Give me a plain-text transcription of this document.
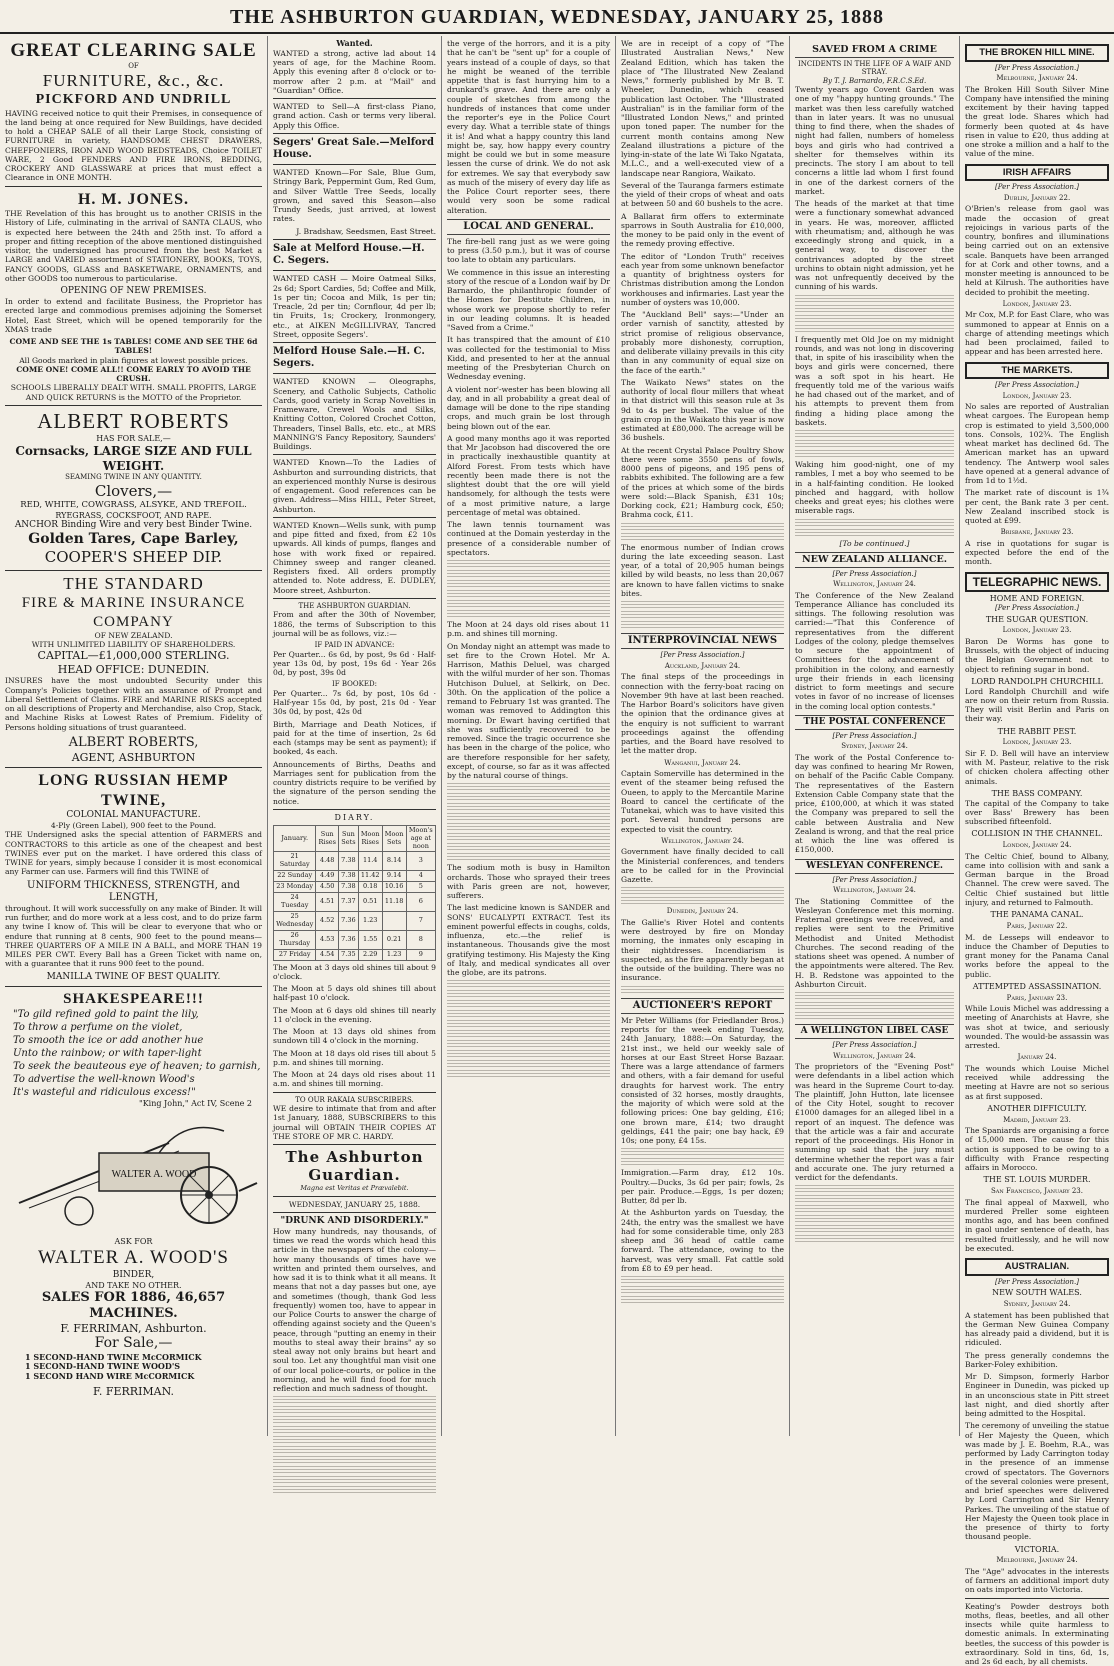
THE ASHBURTON GUARDIAN, WEDNESDAY, JANUARY 25, 1888
GREAT CLEARING SALE
OF
FURNITURE, &c., &c.
PICKFORD AND UNDRILL
HAVING received notice to quit their Premises, in consequence of the land being at once required for New Buildings, have decided to hold a CHEAP SALE of all their Large Stock, consisting of FURNITURE in variety, HANDSOME CHEST DRAWERS, CHEFFONIERS, IRON AND WOOD BEDSTEADS, Choice TOILET WARE, 2 Good FENDERS AND FIRE IRONS, BEDDING, CROCKERY AND GLASSWARE at prices that must effect a Clearance in ONE MONTH.
H. M. JONES.
THE Revelation of this has brought us to another CRISIS in the History of Life, culminating in the arrival of SANTA CLAUS, who is expected here between the 24th and 25th inst. To afford a proper and fitting reception of the above mentioned distinguished visitor, the undersigned has procured from the best Market a LARGE and VARIED assortment of STATIONERY, BOOKS, TOYS, FANCY GOODS, GLASS and BASKETWARE, ORNAMENTS, and other GOODS too numerous to particularise.
OPENING OF NEW PREMISES.
In order to extend and facilitate Business, the Proprietor has erected large and commodious premises adjoining the Somerset Hotel, East Street, which will be opened temporarily for the XMAS trade
COME AND SEE THE 1s TABLES! COME AND SEE THE 6d TABLES!
All Goods marked in plain figures at lowest possible prices.
COME ONE! COME ALL!! COME EARLY TO AVOID THE CRUSH.
SCHOOLS LIBERALLY DEALT WITH. SMALL PROFITS, LARGE AND QUICK RETURNS is the MOTTO of the Proprietor.
ALBERT ROBERTS
HAS FOR SALE,—
Cornsacks, LARGE SIZE AND FULL WEIGHT.
SEAMING TWINE IN ANY QUANTITY.
Clovers,—
RED, WHITE, COWGRASS, ALSYKE, AND TREFOIL.
RYEGRASS, COCKSFOOT, AND RAPE.
ANCHOR Binding Wire and very best Binder Twine.
Golden Tares, Cape Barley,
COOPER'S SHEEP DIP.
THE STANDARD
FIRE & MARINE INSURANCE COMPANY
OF NEW ZEALAND.
WITH UNLIMITED LIABILITY OF SHAREHOLDERS.
CAPITAL—£1,000,000 STERLING.
HEAD OFFICE: DUNEDIN.
INSURES have the most undoubted Security under this Company's Policies together with an assurance of Prompt and Liberal Settlement of Claims. FIRE and MARINE RISKS accepted on all descriptions of Property and Merchandise, also Crop, Stack, and Machine Risks at Lowest Rates of Premium. Fidelity of Persons holding situations of trust guaranteed.
ALBERT ROBERTS,
AGENT, ASHBURTON
LONG RUSSIAN HEMP TWINE,
COLONIAL MANUFACTURE.
4-Ply (Green Label), 900 feet to the Pound.
THE Undersigned asks the special attention of FARMERS and CONTRACTORS to this article as one of the cheapest and best TWINES ever put on the market. I have ordered this class of TWINE for years, simply because I consider it is most economical any Farmer can use. Farmers will find this TWINE of
UNIFORM THICKNESS, STRENGTH, and LENGTH,
throughout. It will work successfully on any make of Binder. It will run further, and do more work at a less cost, and to do prize farm any twine I know of. This will be clear to everyone that who or endure that running at 8 cents, 900 feet to the pound means—THREE QUARTERS OF A MILE IN A BALL, and MORE THAN 19 MILES PER CWT. Every Ball has a Green Ticket with name on, with a guarantee that it runs 900 feet to the pound.
MANILLA TWINE OF BEST QUALITY.
SHAKESPEARE!!!
"To gild refined gold to paint the lily,
To throw a perfume on the violet,
To smooth the ice or add another hue
Unto the rainbow; or with taper-light
To seek the beauteous eye of heaven; to garnish,
To advertise the well-known Wood's
It's wasteful and ridiculous excess!"
"King John," Act IV, Scene 2
WALTER A. WOOD
ASK FOR
WALTER A. WOOD'S
BINDER,
AND TAKE NO OTHER.
SALES FOR 1886, 46,657 MACHINES.
F. FERRIMAN, Ashburton.
For Sale,—
1 SECOND-HAND TWINE McCORMICK
1 SECOND-HAND TWINE WOOD'S
1 SECOND HAND WIRE McCORMICK
F. FERRIMAN.
Wanted.
WANTED a strong, active lad about 14 years of age, for the Machine Room. Apply this evening after 8 o'clock or to-morrow after 2 p.m. at "Mail" and "Guardian" Office.
WANTED to Sell—A first-class Piano, grand action. Cash or terms very liberal. Apply this Office.
Segers' Great Sale.—Melford House.
WANTED Known—For Sale, Blue Gum, Stringy Bark, Peppermint Gum, Red Gum, and Silver Wattle Tree Seeds, locally grown, and saved this Season—also Trundy Seeds, just arrived, at lowest rates.
J. Bradshaw, Seedsmen, East Street.
Sale at Melford House.—H. C. Segers.
WANTED CASH — Moire Oatmeal Silks, 2s 6d; Sport Cardies, 5d; Coffee and Milk, 1s per tin; Cocoa and Milk, 1s per tin; Treacle, 2d per tin; Cornflour, 4d per lb; tin Fruits, 1s; Crockery, Ironmongery, etc., at AIKEN McGILLIVRAY, Tancred Street, opposite Segers'.
Melford House Sale.—H. C. Segers.
WANTED KNOWN — Oleographs, Scenery, and Catholic Subjects, Catholic Cards, good variety in Scrap Novelties in Frameware, Crewel Wools and Silks, Knitting Cotton, Colored Crochet Cotton, Threaders, Tinsel Balls, etc. etc., at MRS MANNING'S Fancy Repository, Saunders' Buildings.
WANTED Known—To the Ladies of Ashburton and surrounding districts, that an experienced monthly Nurse is desirous of engagement. Good references can be given. Address—Miss HILL, Peter Street, Ashburton.
WANTED Known—Wells sunk, with pump and pipe fitted and fixed, from £2 10s upwards. All kinds of pumps, flanges and hose with work fixed or repaired. Chimney sweep and ranger cleaned. Registers fixed. All orders promptly attended to. Note address, E. DUDLEY, Moore street, Ashburton.
THE ASHBURTON GUARDIAN.
From and after the 30th of November, 1886, the terms of Subscription to this journal will be as follows, viz.:—
IF PAID IN ADVANCE:
Per Quarter... 6s 6d, by post, 9s 6d · Half-year 13s 0d, by post, 19s 6d · Year 26s 0d, by post, 39s 0d
IF BOOKED:
Per Quarter... 7s 6d, by post, 10s 6d · Half-year 15s 0d, by post, 21s 0d · Year 30s 0d, by post, 42s 0d
Birth, Marriage and Death Notices, if paid for at the time of insertion, 2s 6d each (stamps may be sent as payment); if booked, 4s each.
Announcements of Births, Deaths and Marriages sent for publication from the country districts require to be verified by the signature of the person sending the notice.
DIARY.
January.	Sun Rises	Sun Sets	Moon Rises	Moon Sets	Moon's age at noon
21 Saturday	4.48	7.38	11.4	8.14	3
22 Sunday	4.49	7.38	11.42	9.14	4
23 Monday	4.50	7.38	0.18	10.16	5
24 Tuesday	4.51	7.37	0.51	11.18	6
25 Wednesday	4.52	7.36	1.23		7
26 Thursday	4.53	7.36	1.55	0.21	8
27 Friday	4.54	7.35	2.29	1.23	9
The Moon at 3 days old shines till about 9 o'clock.
The Moon at 5 days old shines till about half-past 10 o'clock.
The Moon at 6 days old shines till nearly 11 o'clock in the evening.
The Moon at 13 days old shines from sundown till 4 o'clock in the morning.
The Moon at 18 days old rises till about 5 p.m. and shines till morning.
The Moon at 24 days old rises about 11 a.m. and shines till morning.
TO OUR RAKAIA SUBSCRIBERS.
WE desire to intimate that from and after 1st January, 1888, SUBSCRIBERS to this journal will OBTAIN THEIR COPIES AT THE STORE OF MR C. HARDY.
The Ashburton Guardian.
Magna est Veritas et Prævalebit.
WEDNESDAY, JANUARY 25, 1888.
"DRUNK AND DISORDERLY."
How many hundreds, nay thousands, of times we read the words which head this article in the newspapers of the colony—how many thousands of times have we written and printed them ourselves, and how sad it is to think what it all means. It means that not a day passes but one, aye and sometimes (though, thank God less frequently) women too, have to appear in our Police Courts to answer the charge of offending against society and the Queen's peace, through "putting an enemy in their mouths to steal away their brains" ay so steal away not only brains but heart and soul too. Let any thoughtful man visit one of our local police-courts, or police in the morning, and he will find food for much reflection and much sadness of thought.
the verge of the horrors, and it is a pity that he can't be "sent up" for a couple of years instead of a couple of days, so that he might be weaned of the terrible appetite that is fast hurrying him to a drunkard's grave. And there are only a couple of sketches from among the hundreds of instances that come under the reporter's eye in the Police Court every day. What a terrible state of things it is! And what a happy country this land might be, say, how happy every country might be could we but in some measure lessen the curse of drink. We do not ask for extremes. We say that everybody saw as much of the misery of every day life as the Police Court reporter sees, there would very soon be some radical alteration.
LOCAL AND GENERAL.
The fire-bell rang just as we were going to press (3.50 p.m.), but it was of course too late to obtain any particulars.
We commence in this issue an interesting story of the rescue of a London waif by Dr Barnardo, the philanthropic founder of the Homes for Destitute Children, in whose work we propose shortly to refer in our leading columns. It is headed "Saved from a Crime."
It has transpired that the amount of £10 was collected for the testimonial to Miss Kidd, and presented to her at the annual meeting of the Presbyterian Church on Wednesday evening.
A violent nor'-wester has been blowing all day, and in all probability a great deal of damage will be done to the ripe standing crops, and much grain be lost through being blown out of the ear.
A good many months ago it was reported that Mr Jacobson had discovered the ore in practically inexhaustible quantity at Alford Forest. From tests which have recently been made there is not the slightest doubt that the ore will yield handsomely, for although the tests were of a most primitive nature, a large percentage of metal was obtained.
The lawn tennis tournament was continued at the Domain yesterday in the presence of a considerable number of spectators.
The Moon at 24 days old rises about 11 p.m. and shines till morning.
On Monday night an attempt was made to set fire to the Crown Hotel. Mr A. Harrison, Mathis Deluel, was charged with the wilful murder of her son. Thomas Hutchison Duluel, at Selkirk, on Dec. 30th. On the application of the police a remand to February 1st was granted. The woman was removed to Addington this morning. Dr Ewart having certified that she was sufficiently recovered to be removed. Since the tragic occurrence she has been in the charge of the police, who are therefore responsible for her safety, except, of course, so far as it was affected by the natural course of things.
The sodium moth is busy in Hamilton orchards. Those who sprayed their trees with Paris green are not, however, sufferers.
The last medicine known is SANDER and SONS' EUCALYPTI EXTRACT. Test its eminent powerful effects in coughs, colds, influenza, etc.—the relief is instantaneous. Thousands give the most gratifying testimony. His Majesty the King of Italy, and medical syndicates all over the globe, are its patrons.
We are in receipt of a copy of "The Illustrated Australian News," New Zealand Edition, which has taken the place of "The Illustrated New Zealand News," formerly published by Mr B. T. Wheeler, Dunedin, which ceased publication last October. The "Illustrated Australian" is in the familiar form of the "Illustrated London News," and printed upon toned paper. The number for the current month contains among New Zealand illustrations a picture of the lying-in-state of the late Wi Tako Ngatata, M.L.C., and a well-executed view of a landscape near Rangiora, Waikato.
Several of the Tauranga farmers estimate the yield of their crops of wheat and oats at between 50 and 60 bushels to the acre.
A Ballarat firm offers to exterminate sparrows in South Australia for £10,000, the money to be paid only in the event of the remedy proving effective.
The editor of "London Truth" receives each year from some unknown benefactor a quantity of brightness oysters for Christmas distribution among the London workhouses and infirmaries. Last year the number of oysters was 10,000.
The "Auckland Bell" says:—"Under an order varnish of sanctity, attested by strict promise of religious observance, probably more dishonesty, corruption, and deliberate villainy prevails in this city than in any community of equal size on the face of the earth."
The Waikato News" states on the authority of local flour millers that wheat in that district will this season rule at 3s 9d to 4s per bushel. The value of the grain crop in the Waikato this year is now estimated at £80,000. The acreage will be 36 bushels.
At the recent Crystal Palace Poultry Show there were some 3550 pens of fowls, 8000 pens of pigeons, and 195 pens of rabbits exhibited. The following are a few of the prices at which some of the birds were sold:—Black Spanish, £31 10s; Dorking cock, £21; Hamburg cock, £50; Brahma cock, £11.
The enormous number of Indian crows during the late exceeding season. Last year, of a total of 20,905 human beings killed by wild beasts, no less than 20,067 are known to have fallen victims to snake bites.
INTERPROVINCIAL NEWS
[Per Press Association.]
Auckland, January 24.
The final steps of the proceedings in connection with the ferry-boat racing on November 9th have at last been reached. The Harbor Board's solicitors have given the opinion that the ordinance gives at the enquiry is not sufficient to warrant proceedings against the offending parties, and the Board have resolved to let the matter drop.
Wanganui, January 24.
Captain Somerville has determined in the event of the steamer being refused the Oueen, to apply to the Mercantile Marine Board to cancel the certificate of the Tutanekai, which was to have visited this port. Several hundred persons are expected to visit the country.
Wellington, January 24.
Government have finally decided to call the Ministerial conferences, and tenders are to be called for in the Provincial Gazette.
Dunedin, January 24.
The Gallie's River Hotel and contents were destroyed by fire on Monday morning, the inmates only escaping in their nightdresses. Incendiarism is suspected, as the fire apparently began at the outside of the building. There was no insurance.
AUCTIONEER'S REPORT
Mr Peter Williams (for Friedlander Bros.) reports for the week ending Tuesday, 24th January, 1888:—On Saturday, the 21st inst., we held our weekly sale of horses at our East Street Horse Bazaar. There was a large attendance of farmers and others, with a fair demand for useful draughts for harvest work. The entry consisted of 32 horses, mostly draughts, the majority of which were sold at the following prices: One bay gelding, £16; one brown mare, £14; two draught geldings, £41 the pair; one bay hack, £9 10s; one pony, £4 15s.
Immigration.—Farm dray, £12 10s. Poultry.—Ducks, 3s 6d per pair; fowls, 2s per pair. Produce.—Eggs, 1s per dozen; Butter, 8d per lb.
At the Ashburton yards on Tuesday, the 24th, the entry was the smallest we have had for some considerable time, only 283 sheep and 36 head of cattle came forward. The attendance, owing to the harvest, was very small. Fat cattle sold from £8 to £9 per head.
SAVED FROM A CRIME
INCIDENTS IN THE LIFE OF A WAIF AND STRAY.
By T. J. Barnardo, F.R.C.S.Ed.
Twenty years ago Covent Garden was one of my "happy hunting grounds." The market was then less carefully watched than in later years. It was no unusual thing to find there, when the shades of night had fallen, numbers of homeless boys and girls who had contrived a shelter for themselves within its precincts. The story I am about to tell concerns a little lad whom I first found in one of the darkest corners of the market.
The heads of the market at that time were a functionary somewhat advanced in years. He was, moreover, afflicted with rheumatism; and, although he was exceedingly strong and quick, in a general way, to discover the contrivances adopted by the street urchins to obtain night admission, yet he was not unfrequently deceived by the cunning of his wards.
I frequently met Old Joe on my midnight rounds, and was not long in discovering that, in spite of his irascibility when the boys and girls were concerned, there was a soft spot in his heart. He frequently told me of the various waifs he had chased out of the market, and of his attempts to prevent them from finding a hiding place among the baskets.
Waking him good-night, one of my rambles, I met a boy who seemed to be in a half-fainting condition. He looked pinched and haggard, with hollow cheeks and great eyes; his clothes were miserable rags.
[To be continued.]
NEW ZEALAND ALLIANCE.
[Per Press Association.]
Wellington, January 24.
The Conference of the New Zealand Temperance Alliance has concluded its sittings. The following resolution was carried:—"That this Conference of representatives from the different Lodges of the colony, pledge themselves to secure the appointment of Committees for the advancement of prohibition in the colony, and earnestly urge their friends in each licensing district to form meetings and secure votes in favor of no increase of licenses in the coming local option contests."
THE POSTAL CONFERENCE
[Per Press Association.]
Sydney, January 24.
The work of the Postal Conference to-day was confined to hearing Mr Rowen, on behalf of the Pacific Cable Company. The representatives of the Eastern Extension Cable Company state that the price, £100,000, at which it was stated the Company was prepared to sell the cable between Australia and New Zealand is wrong, and that the real price at which the line was offered is £150,000.
WESLEYAN CONFERENCE.
[Per Press Association.]
Wellington, January 24.
The Stationing Committee of the Wesleyan Conference met this morning. Fraternal greetings were received, and replies were sent to the Primitive Methodist and United Methodist Churches. The second reading of the stations sheet was opened. A number of the appointments were altered. The Rev. H. B. Redstone was appointed to the Ashburton Circuit.
A WELLINGTON LIBEL CASE
[Per Press Association.]
Wellington, January 24.
The proprietors of the "Evening Post" were defendants in a libel action which was heard in the Supreme Court to-day. The plaintiff, John Hutton, late licensee of the City Hotel, sought to recover £1000 damages for an alleged libel in a report of an inquest. The defence was that the article was a fair and accurate report of the proceedings. His Honor in summing up said that the jury must determine whether the report was a fair and accurate one. The jury returned a verdict for the defendants.
THE BROKEN HILL MINE.
[Per Press Association.]
Melbourne, January 24.
The Broken Hill South Silver Mine Company have intensified the mining excitement by their having tapped the great lode. Shares which had formerly been quoted at 4s have risen in value to £20, thus adding at one stroke a million and a half to the value of the mine.
IRISH AFFAIRS
[Per Press Association.]
Dublin, January 22.
O'Brien's release from gaol was made the occasion of great rejoicings in various parts of the country, bonfires and illuminations being carried out on an extensive scale. Banquets have been arranged for at Cork and other towns, and a monster meeting is announced to be held at Kilrush. The authorities have decided to prohibit the meeting.
London, January 23.
Mr Cox, M.P. for East Clare, who was summoned to appear at Ennis on a charge of attending meetings which had been proclaimed, failed to appear and has been arrested here.
THE MARKETS.
[Per Press Association.]
London, January 23.
No sales are reported of Australian wheat cargoes. The European hemp crop is estimated to yield 3,500,000 tons. Consols, 102¾. The English wheat market has declined 6d. The American market has an upward tendency. The Antwerp wool sales have opened at a general advance of from 1d to 1½d.
The market rate of discount is 1¾ per cent, the Bank rate 3 per cent. New Zealand inscribed stock is quoted at £99.
Brisbane, January 23.
A rise in quotations for sugar is expected before the end of the month.
TELEGRAPHIC NEWS.
HOME AND FOREIGN.
[Per Press Association.]
THE SUGAR QUESTION.
London, January 23.
Baron De Worms has gone to Brussels, with the object of inducing the Belgian Government not to object to refining sugar in bond.
LORD RANDOLPH CHURCHILL
Lord Randolph Churchill and wife are now on their return from Russia. They will visit Berlin and Paris on their way.
THE RABBIT PEST.
London, January 23.
Sir F. D. Bell will have an interview with M. Pasteur, relative to the risk of chicken cholera affecting other animals.
THE BASS COMPANY.
The capital of the Company to take over Bass' Brewery has been subscribed fifteenfold.
COLLISION IN THE CHANNEL.
London, January 24.
The Celtic Chief, bound to Albany, came into collision with and sank a German barque in the Broad Channel. The crew were saved. The Celtic Chief sustained but little injury, and returned to Falmouth.
THE PANAMA CANAL.
Paris, January 22.
M. de Lesseps will endeavor to induce the Chamber of Deputies to grant money for the Panama Canal works before the appeal to the public.
ATTEMPTED ASSASSINATION.
Paris, January 23.
While Louis Michel was addressing a meeting of Anarchists at Havre, she was shot at twice, and seriously wounded. The would-be assassin was arrested.
January 24.
The wounds which Louise Michel received while addressing the meeting at Havre are not so serious as at first supposed.
ANOTHER DIFFICULTY.
Madrid, January 23.
The Spaniards are organising a force of 15,000 men. The cause for this action is supposed to be owing to a difficulty with France respecting affairs in Morocco.
THE ST. LOUIS MURDER.
San Francisco, January 23.
The final appeal of Maxwell, who murdered Preller some eighteen months ago, and has been confined in gaol under sentence of death, has resulted fruitlessly, and he will now be executed.
AUSTRALIAN.
[Per Press Association.]
NEW SOUTH WALES.
Sydney, January 24.
A statement has been published that the German New Guinea Company has already paid a dividend, but it is ridiculed.
The press generally condemns the Barker-Foley exhibition.
Mr D. Simpson, formerly Harbor Engineer in Dunedin, was picked up in an unconscious state in Pitt street last night, and died shortly after being admitted to the Hospital.
The ceremony of unveiling the statue of Her Majesty the Queen, which was made by J. E. Boehm, R.A., was performed by Lady Carrington today in the presence of an immense crowd of spectators. The Governors of the several colonies were present, and brief speeches were delivered by Lord Carrington and Sir Henry Parkes. The unveiling of the statue of Her Majesty the Queen took place in the presence of thirty to forty thousand people.
VICTORIA.
Melbourne, January 24.
The "Age" advocates in the interests of farmers an additional import duty on oats imported into Victoria.
Keating's Powder destroys both moths, fleas, beetles, and all other insects while quite harmless to domestic animals. In exterminating beetles, the success of this powder is extraordinary. Sold in tins, 6d, 1s, and 2s 6d each, by all chemists.
